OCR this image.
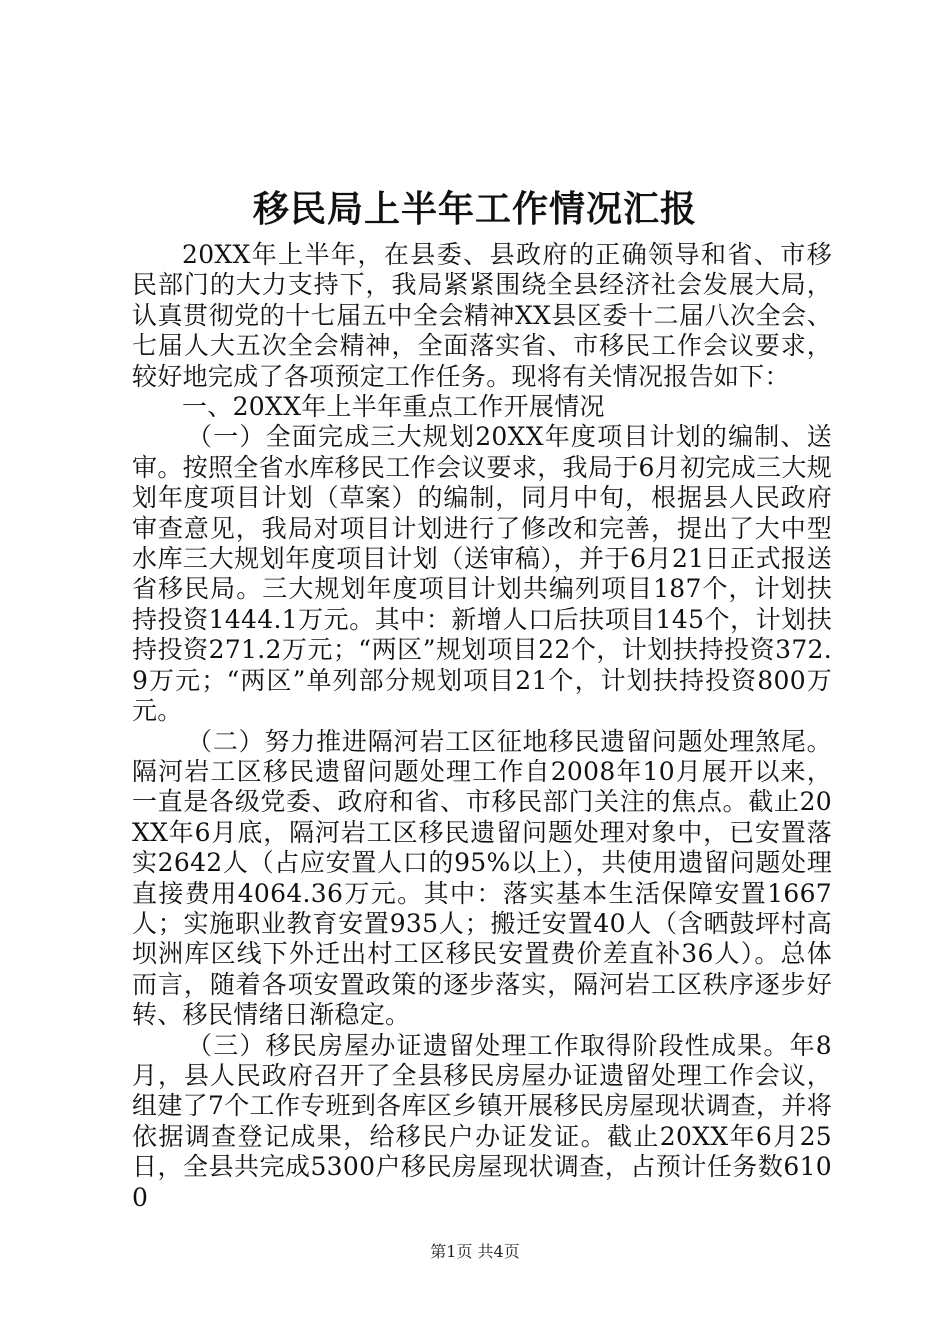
移民局上半年工作情况汇报

20XX年上半年，在县委、县政府的正确领导和省、市移民部门的大力支持下，我局紧紧围绕全县经济社会发展大局，认真贯彻党的十七届五中全会精神XX县区委十二届八次全会、七届人大五次全会精神，全面落实省、市移民工作会议要求，较好地完成了各项预定工作任务。现将有关情况报告如下：

一、20XX年上半年重点工作开展情况

（一）全面完成三大规划20XX年度项目计划的编制、送审。按照全省水库移民工作会议要求，我局于6月初完成三大规划年度项目计划（草案）的编制，同月中旬，根据县人民政府审查意见，我局对项目计划进行了修改和完善，提出了大中型水库三大规划年度项目计划（送审稿），并于6月21日正式报送省移民局。三大规划年度项目计划共编列项目187个，计划扶持投资1444.1万元。其中：新增人口后扶项目145个，计划扶持投资271.2万元；“两区”规划项目22个，计划扶持投资372.9万元；“两区”单列部分规划项目21个，计划扶持投资800万元。

（二）努力推进隔河岩工区征地移民遗留问题处理煞尾。隔河岩工区移民遗留问题处理工作自2008年10月展开以来，一直是各级党委、政府和省、市移民部门关注的焦点。截止20XX年6月底，隔河岩工区移民遗留问题处理对象中，已安置落实2642人（占应安置人口的95%以上），共使用遗留问题处理直接费用4064.36万元。其中：落实基本生活保障安置1667人；实施职业教育安置935人；搬迁安置40人（含晒鼓坪村高坝洲库区线下外迁出村工区移民安置费价差直补36人）。总体而言，随着各项安置政策的逐步落实，隔河岩工区秩序逐步好转、移民情绪日渐稳定。

（三）移民房屋办证遗留处理工作取得阶段性成果。年8月，县人民政府召开了全县移民房屋办证遗留处理工作会议，组建了7个工作专班到各库区乡镇开展移民房屋现状调查，并将依据调查登记成果，给移民户办证发证。截止20XX年6月25日，全县共完成5300户移民房屋现状调查，占预计任务数6100

第1页 共4页
